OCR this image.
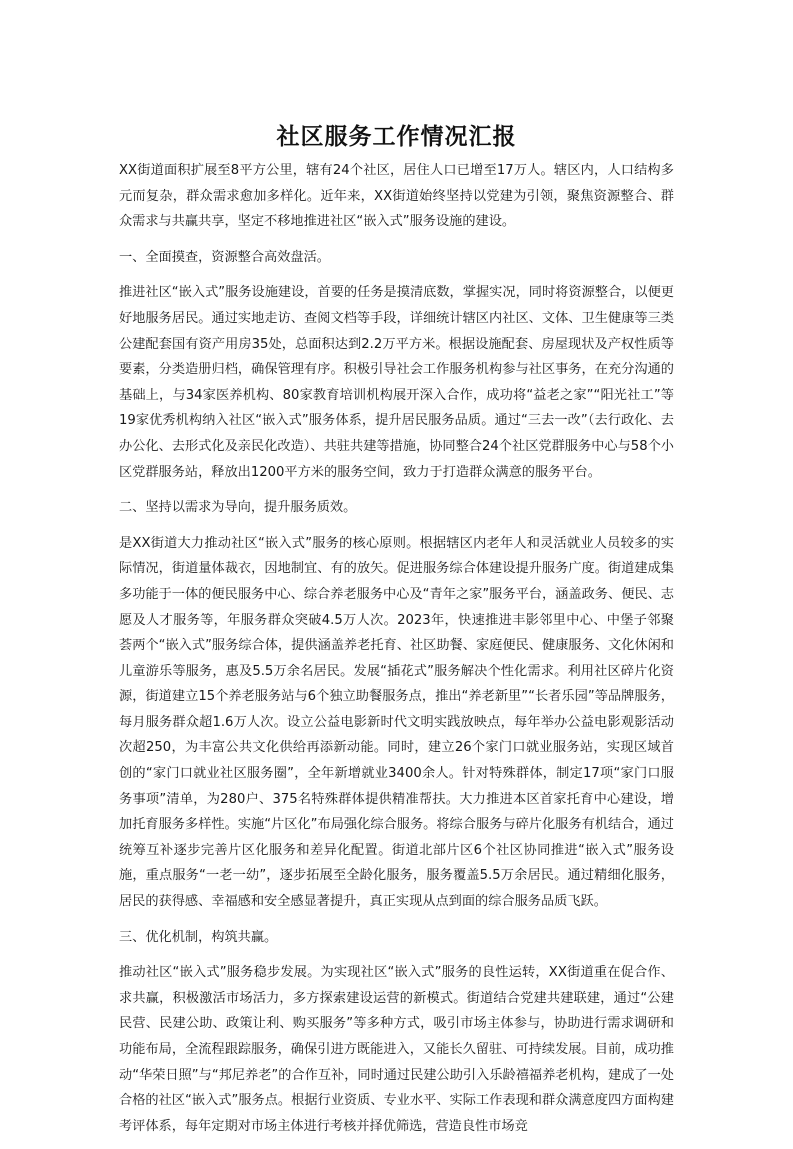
社区服务工作情况汇报

XX街道面积扩展至8平方公里，辖有24个社区，居住人口已增至17万人。辖区内，人口结构多元而复杂，群众需求愈加多样化。近年来，XX街道始终坚持以党建为引领，聚焦资源整合、群众需求与共赢共享，坚定不移地推进社区“嵌入式”服务设施的建设。

一、全面摸查，资源整合高效盘活。

推进社区“嵌入式”服务设施建设，首要的任务是摸清底数，掌握实况，同时将资源整合，以便更好地服务居民。通过实地走访、查阅文档等手段，详细统计辖区内社区、文体、卫生健康等三类公建配套国有资产用房35处，总面积达到2.2万平方米。根据设施配套、房屋现状及产权性质等要素，分类造册归档，确保管理有序。积极引导社会工作服务机构参与社区事务，在充分沟通的基础上，与34家医养机构、80家教育培训机构展开深入合作，成功将“益老之家”“阳光社工”等19家优秀机构纳入社区“嵌入式”服务体系，提升居民服务品质。通过“三去一改”（去行政化、去办公化、去形式化及亲民化改造）、共驻共建等措施，协同整合24个社区党群服务中心与58个小区党群服务站，释放出1200平方米的服务空间，致力于打造群众满意的服务平台。

二、坚持以需求为导向，提升服务质效。

是XX街道大力推动社区“嵌入式”服务的核心原则。根据辖区内老年人和灵活就业人员较多的实际情况，街道量体裁衣，因地制宜、有的放矢。促进服务综合体建设提升服务广度。街道建成集多功能于一体的便民服务中心、综合养老服务中心及“青年之家”服务平台，涵盖政务、便民、志愿及人才服务等，年服务群众突破4.5万人次。2023年，快速推进丰影邻里中心、中堡子邻聚荟两个“嵌入式”服务综合体，提供涵盖养老托育、社区助餐、家庭便民、健康服务、文化休闲和儿童游乐等服务，惠及5.5万余名居民。发展“插花式”服务解决个性化需求。利用社区碎片化资源，街道建立15个养老服务站与6个独立助餐服务点，推出“养老新里”“长者乐园”等品牌服务，每月服务群众超1.6万人次。设立公益电影新时代文明实践放映点，每年举办公益电影观影活动次超250，为丰富公共文化供给再添新动能。同时，建立26个家门口就业服务站，实现区域首创的“家门口就业社区服务圈”，全年新增就业3400余人。针对特殊群体，制定17项“家门口服务事项”清单，为280户、375名特殊群体提供精准帮扶。大力推进本区首家托育中心建设，增加托育服务多样性。实施“片区化”布局强化综合服务。将综合服务与碎片化服务有机结合，通过统筹互补逐步完善片区化服务和差异化配置。街道北部片区6个社区协同推进“嵌入式”服务设施，重点服务“一老一幼”，逐步拓展至全龄化服务，服务覆盖5.5万余居民。通过精细化服务，居民的获得感、幸福感和安全感显著提升，真正实现从点到面的综合服务品质飞跃。

三、优化机制，构筑共赢。

推动社区“嵌入式”服务稳步发展。为实现社区“嵌入式”服务的良性运转，XX街道重在促合作、求共赢，积极激活市场活力，多方探索建设运营的新模式。街道结合党建共建联建，通过“公建民营、民建公助、政策让利、购买服务”等多种方式，吸引市场主体参与，协助进行需求调研和功能布局，全流程跟踪服务，确保引进方既能进入，又能长久留驻、可持续发展。目前，成功推动“华荣日照”与“邦尼养老”的合作互补，同时通过民建公助引入乐龄禧福养老机构，建成了一处合格的社区“嵌入式”服务点。根据行业资质、专业水平、实际工作表现和群众满意度四方面构建考评体系，每年定期对市场主体进行考核并择优筛选，营造良性市场竞
